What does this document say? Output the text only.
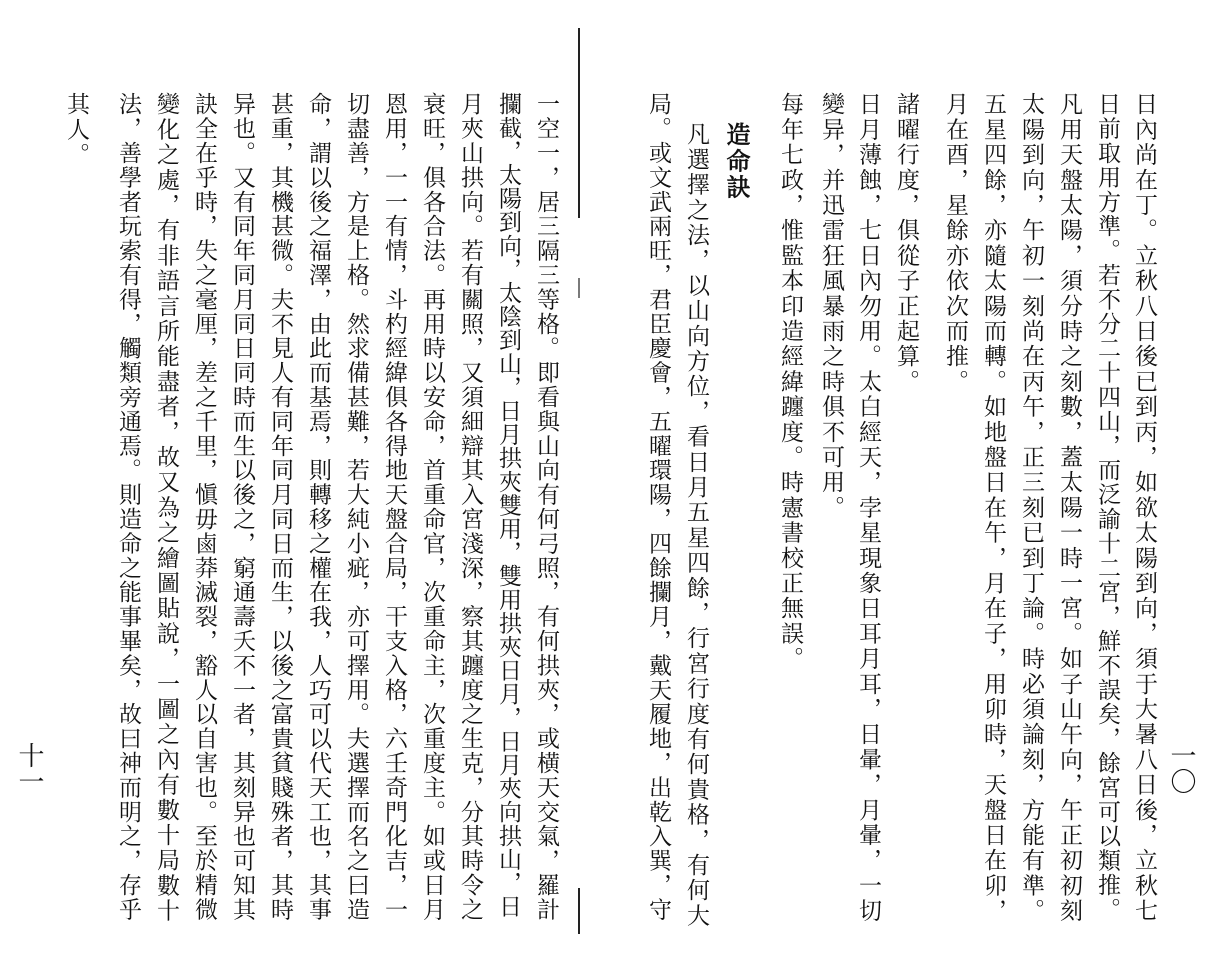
一〇
日內尚在丁。立秋八日後已到丙，如欲太陽到向，須于大暑八日後，立秋七
日前取用方準。若不分二十四山，而泛諭十二宮，鮮不誤矣，餘宮可以類推。
凡用天盤太陽，須分時之刻數，蓋太陽一時一宮。如子山午向，午正初初刻
太陽到向，午初一刻尚在丙午，正三刻已到丁論。時必須論刻，方能有準。
五星四餘，亦隨太陽而轉。如地盤日在午，月在子，用卯時，天盤日在卯，
月在酉，星餘亦依次而推。
諸曜行度，俱從子正起算。
日月薄蝕，七日內勿用。太白經天，孛星現象日耳月耳，日暈，月暈，一切
變异，并迅雷狂風暴雨之時俱不可用。
每年七政，惟監本印造經緯躔度。時憲書校正無誤。
造命訣
凡選擇之法，以山向方位，看日月五星四餘，行宮行度有何貴格，有何大
局。或文武兩旺，君臣慶會，五曜環陽，四餘攔月，戴天履地，出乾入巽，守
十一	一空一，居三隔三等格。即看與山向有何弓照，有何拱夾，或横天交氣，羅計
攔截，太陽到向，太陰到山，日月拱夾雙用，雙用拱夾日月，日月夾向拱山，日
月夾山拱向。若有關照，又須細辯其入宮淺深，察其躔度之生克，分其時令之
衰旺，俱各合法。再用時以安命，首重命官，次重命主，次重度主。如或日月
恩用，一一有情，斗杓經緯俱各得地天盤合局，干支入格，六壬奇門化吉，一
切盡善，方是上格。然求備甚難，若大純小疵，亦可擇用。夫選擇而名之曰造
命，謂以後之福澤，由此而基焉，則轉移之權在我，人巧可以代天工也，其事
甚重，其機甚微。夫不見人有同年同月同日而生，以後之富貴貧賤殊者，其時
异也。又有同年同月同日同時而生以後之，窮通壽夭不一者，其刻异也可知其
訣全在乎時，失之毫厘，差之千里，愼毋鹵莽滅裂，豁人以自害也。至於精微
變化之處，有非語言所能盡者，故又為之繪圖貼說，一圖之內有數十局數十
法，善學者玩索有得，觸類旁通焉。則造命之能事畢矣，故曰神而明之，存乎
其人。
